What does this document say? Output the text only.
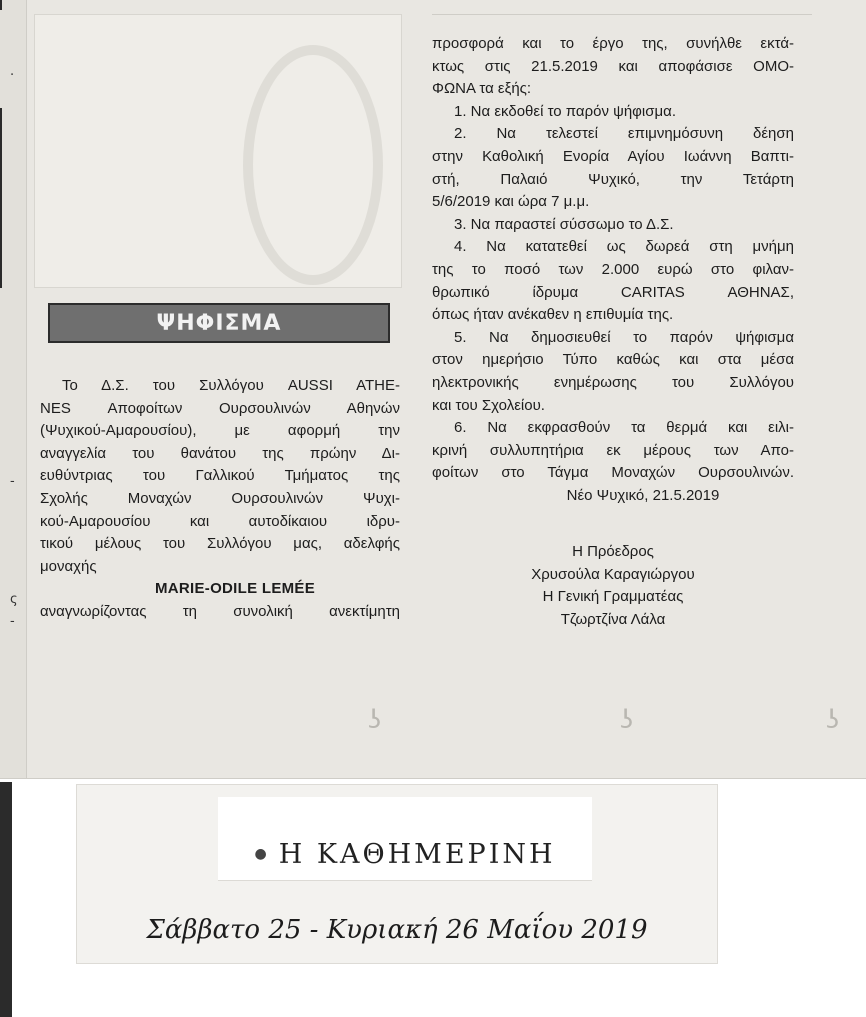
.
-
ς
-
ΨΗΦΙΣΜΑ
Το Δ.Σ. του Συλλόγου AUSSI ATHE-
NES Αποφοίτων Ουρσουλινών Αθηνών
(Ψυχικού-Αμαρουσίου), με αφορμή την
αναγγελία του θανάτου της πρώην Δι-
ευθύντριας του Γαλλικού Τμήματος της
Σχολής Μοναχών Ουρσουλινών Ψυχι-
κού-Αμαρουσίου και αυτοδίκαιου ιδρυ-
τικού μέλους του Συλλόγου μας, αδελφής
μοναχής
MARIE-ODILE LEMÉE
αναγνωρίζοντας τη συνολική ανεκτίμητη
προσφορά και το έργο της, συνήλθε εκτά-
κτως στις 21.5.2019 και αποφάσισε ΟΜΟ-
ΦΩΝΑ τα εξής:
1. Να εκδοθεί το παρόν ψήφισμα.
2. Να τελεστεί επιμνημόσυνη δέηση
στην Καθολική Ενορία Αγίου Ιωάννη Βαπτι-
στή, Παλαιό Ψυχικό, την Τετάρτη
5/6/2019 και ώρα 7 μ.μ.
3. Να παραστεί σύσσωμο το Δ.Σ.
4. Να κατατεθεί ως δωρεά στη μνήμη
της το ποσό των 2.000 ευρώ στο φιλαν-
θρωπικό ίδρυμα CARITAS ΑΘΗΝΑΣ,
όπως ήταν ανέκαθεν η επιθυμία της.
5. Να δημοσιευθεί το παρόν ψήφισμα
στον ημερήσιο Τύπο καθώς και στα μέσα
ηλεκτρονικής ενημέρωσης του Συλλόγου
και του Σχολείου.
6. Να εκφρασθούν τα θερμά και ειλι-
κρινή συλλυπητήρια εκ μέρους των Απο-
φοίτων στο Τάγμα Μοναχών Ουρσουλινών.
Νέο Ψυχικό, 21.5.2019
Η Πρόεδρος
Χρυσούλα Καραγιώργου
Η Γενική Γραμματέας
Τζωρτζίνα Λάλα
ʖ	ʖ	ʖ
● Η ΚΑΘΗΜΕΡΙΝΗ
Σάββατο 25 - Κυριακή 26 Μαΐου 2019
